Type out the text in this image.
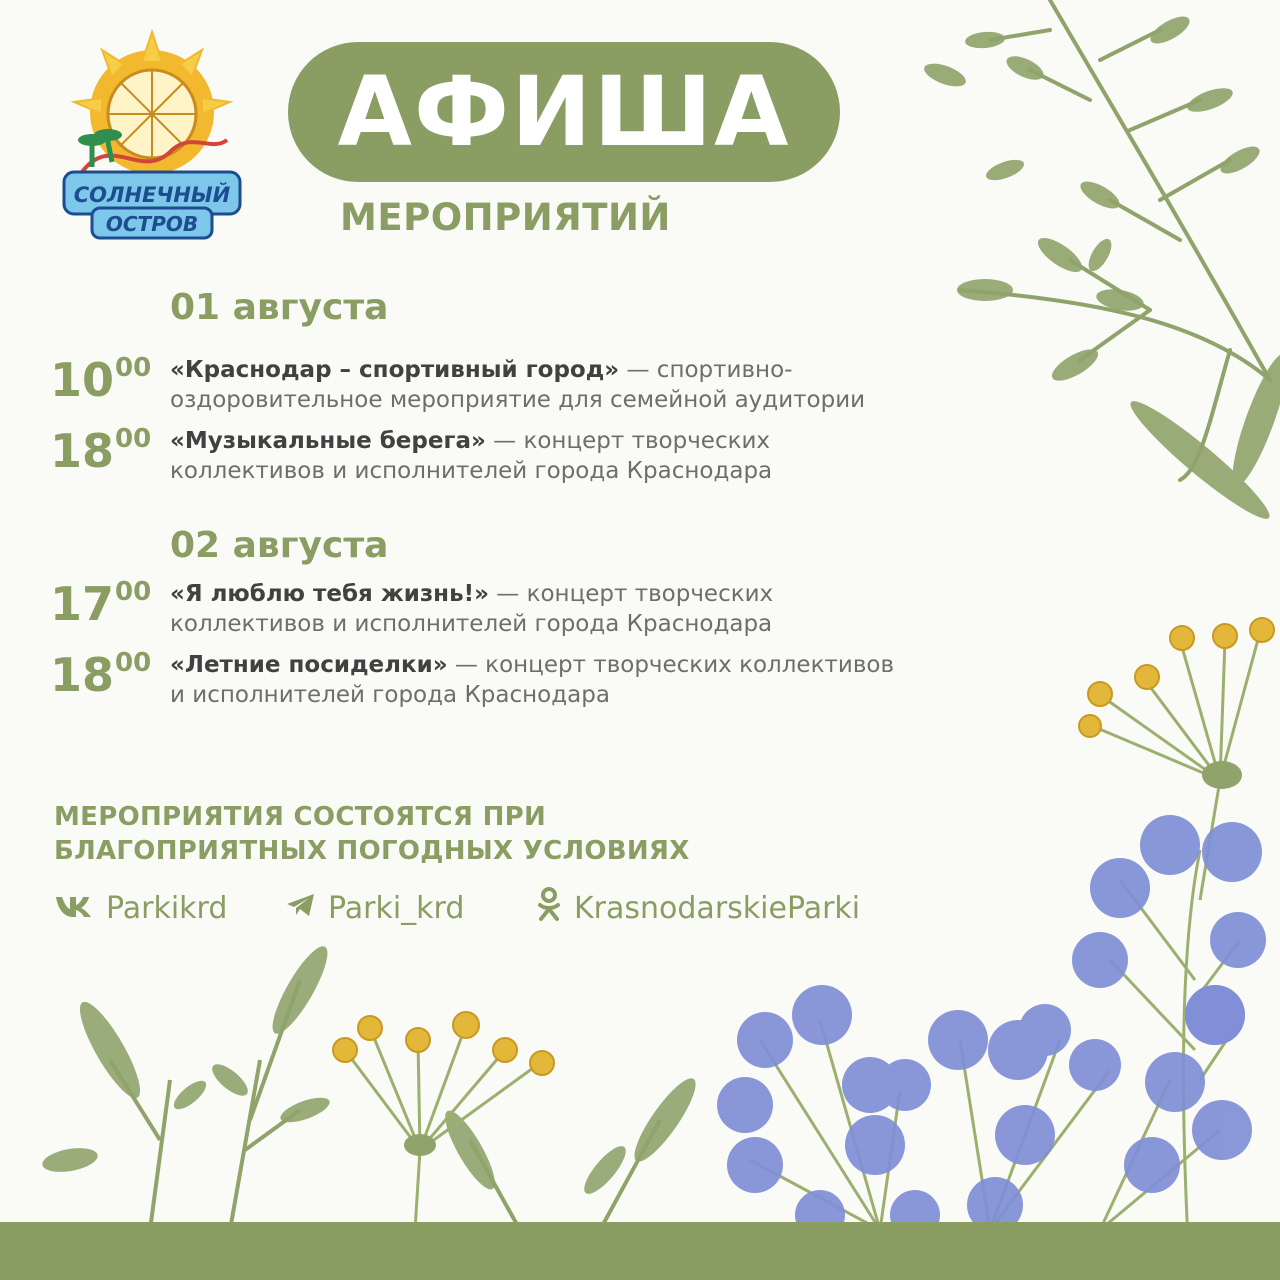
СОЛНЕЧНЫЙ
ОСТРОВ
АФИША
МЕРОПРИЯТИЙ
01 августа
$10^{00}$ «Краснодар – спортивный город» — спортивно-оздоровительное мероприятие для семейной аудитории
$18^{00}$ «Музыкальные берега» — концерт творческих коллективов и исполнителей города Краснодара
02 августа
$17^{00}$ «Я люблю тебя жизнь!» — концерт творческих коллективов и исполнителей города Краснодара
$18^{00}$ «Летние посиделки» — концерт творческих коллективов и исполнителей города Краснодара
МЕРОПРИЯТИЯ СОСТОЯТСЯ ПРИ
БЛАГОПРИЯТНЫХ ПОГОДНЫХ УСЛОВИЯХ
Parkikrd	Parki_krd	KrasnodarskieParki
